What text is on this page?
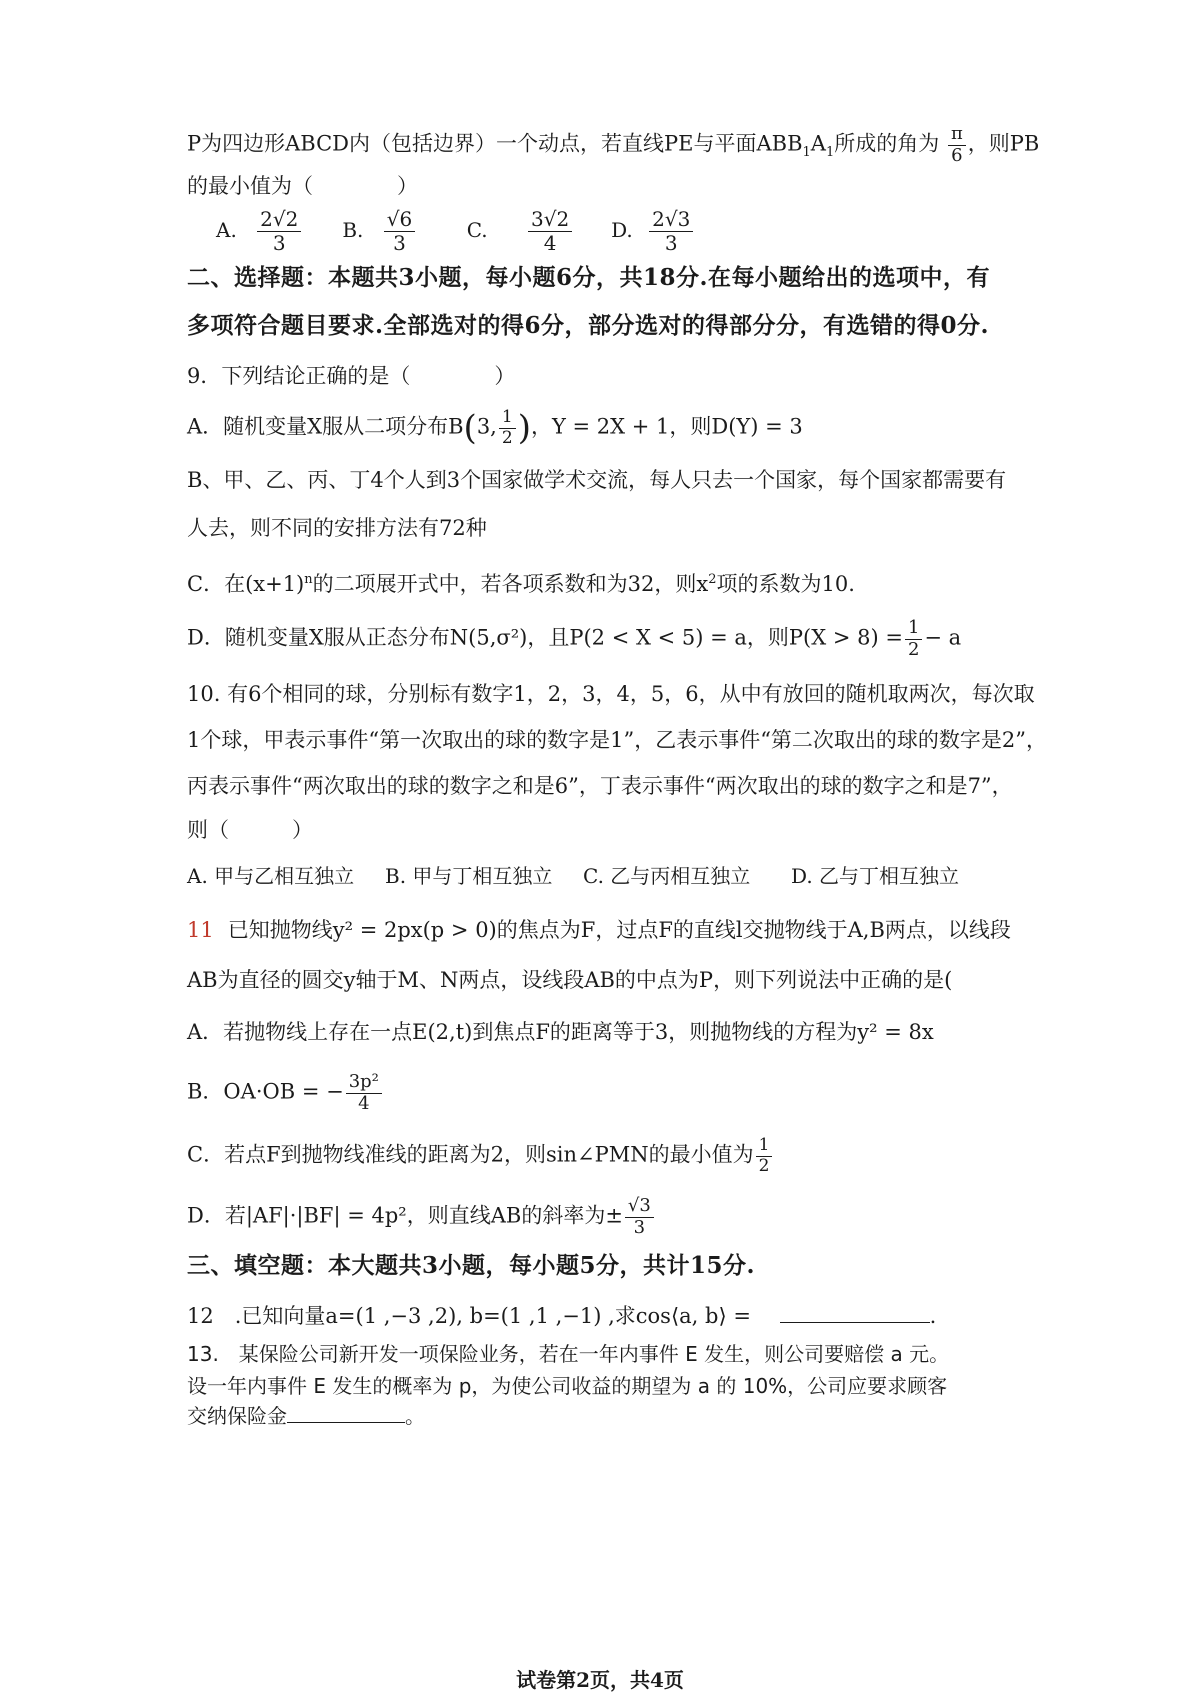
P为四边形ABCD内（包括边界）一个动点，若直线PE与平面$ABB_1A_1$所成的角为 $\frac{\pi}{6}$ ，则PB
的最小值为（　　　　）
A. $\frac{2√2}{3} B$. $\frac{√6}{3}$	C. $\frac{3√2}{4} D$. $\frac{2√3}{3}$
二、选择题：本题共3小题，每小题6分，共18分.在每小题给出的选项中，有
多项符合题目要求.全部选对的得6分，部分选对的得部分分，有选错的得0分.
9．下列结论正确的是（　　　　）
A．随机变量X服从二项分布B(3, $\frac{1}{2}$ )，Y = 2X + 1，则D(Y) = 3
B、甲、乙、丙、丁4个人到3个国家做学术交流，每人只去一个国家，每个国家都需要有
人去，则不同的安排方法有72种
C．在$(x+1)^n$的二项展开式中，若各项系数和为32，则$x^2$项的系数为10.
D．随机变量X服从正态分布N(5,σ²)，且P(2 < X < 5) = a，则$P(X > 8) = \frac{1}{2} - a$
10. 有6个相同的球，分别标有数字1，2，3，4，5，6，从中有放回的随机取两次，每次取
1个球，甲表示事件“第一次取出的球的数字是1”，乙表示事件“第二次取出的球的数字是2”，
丙表示事件“两次取出的球的数字之和是6”，丁表示事件“两次取出的球的数字之和是7”，
则（　　　）
A. 甲与乙相互独立 B. 甲与丁相互独立 C. 乙与丙相互独立 D. 乙与丁相互独立
11 已知抛物线y² = 2px(p > 0)的焦点为F，过点F的直线l交抛物线于A,B两点，以线段
AB为直径的圆交y轴于M、N两点，设线段AB的中点为P，则下列说法中正确的是(
A．若抛物线上存在一点E(2,t)到焦点F的距离等于3，则抛物线的方程为y² = 8x
B．OA·OB = − $\frac{\text{3p²}}{4}$
C．若点F到抛物线准线的距离为2，则sin∠PMN的最小值为 $\frac{1}{2}$
D．若|AF|·|BF| = 4p²，则直线AB的斜率为± $\frac{√3}{3}$
三、填空题：本大题共3小题，每小题5分，共计15分.
12　.已知向量a=(1 ,−3 ,2), b=(1 ,1 ,−1) ,求cos⟨a, b⟩ =	.
13.　某保险公司新开发一项保险业务，若在一年内事件 E 发生，则公司要赔偿 a 元。
设一年内事件 E 发生的概率为 p，为使公司收益的期望为 a 的 10%，公司应要求顾客
交纳保险金	。
试卷第2页，共4页
